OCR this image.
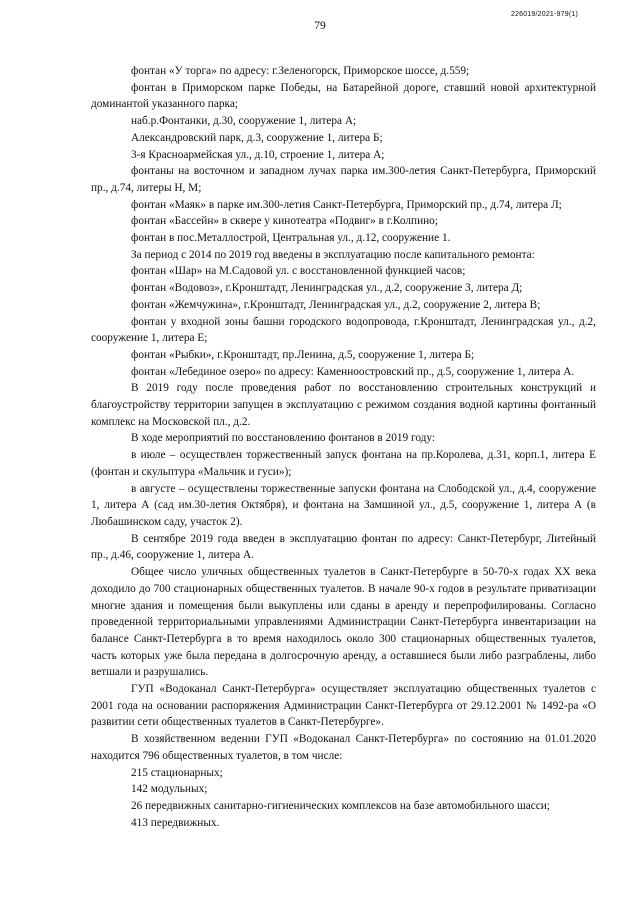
79
226019/2021-979(1)

фонтан «У торга» по адресу: г.Зеленогорск, Приморское шоссе, д.559;

фонтан в Приморском парке Победы, на Батарейной дороге, ставший новой архитектурной доминантой указанного парка;

наб.р.Фонтанки, д.30, сооружение 1, литера А;

Александровский парк, д.3, сооружение 1, литера Б;

3-я Красноармейская ул., д.10, строение 1, литера А;

фонтаны на восточном и западном лучах парка им.300-летия Санкт-Петербурга, Приморский пр., д.74, литеры Н, М;

фонтан «Маяк» в парке им.300-летия Санкт-Петербурга, Приморский пр., д.74, литера Л;

фонтан «Бассейн» в сквере у кинотеатра «Подвиг» в г.Колпино;

фонтан в пос.Металлострой, Центральная ул., д.12, сооружение 1.

За период с 2014 по 2019 год введены в эксплуатацию после капитального ремонта:

фонтан «Шар» на М.Садовой ул. с восстановленной функцией часов;

фонтан «Водовоз», г.Кронштадт, Ленинградская ул., д.2, сооружение 3, литера Д;

фонтан «Жемчужина», г.Кронштадт, Ленинградская ул., д.2, сооружение 2, литера В;

фонтан у входной зоны башни городского водопровода, г.Кронштадт, Ленинградская ул., д.2, сооружение 1, литера Е;

фонтан «Рыбки», г.Кронштадт, пр.Ленина, д.5, сооружение 1, литера Б;

фонтан «Лебединое озеро» по адресу: Каменноостровский пр., д.5, сооружение 1, литера А.

В 2019 году после проведения работ по восстановлению строительных конструкций и благоустройству территории запущен в эксплуатацию с режимом создания водной картины фонтанный комплекс на Московской пл., д.2.

В ходе мероприятий по восстановлению фонтанов в 2019 году:

в июле – осуществлен торжественный запуск фонтана на пр.Королева, д.31, корп.1, литера Е (фонтан и скульптура «Мальчик и гуси»);

в августе – осуществлены торжественные запуски фонтана на Слободской ул., д.4, сооружение 1, литера А (сад им.30-летия Октября), и фонтана на Замшиной ул., д.5, сооружение 1, литера А (в Любашинском саду, участок 2).

В сентябре 2019 года введен в эксплуатацию фонтан по адресу: Санкт-Петербург, Литейный пр., д.46, сооружение 1, литера А.

Общее число уличных общественных туалетов в Санкт-Петербурге в 50-70-х годах XX века доходило до 700 стационарных общественных туалетов. В начале 90-х годов в результате приватизации многие здания и помещения были выкуплены или сданы в аренду и перепрофилированы. Согласно проведенной территориальными управлениями Администрации Санкт-Петербурга инвентаризации на балансе Санкт-Петербурга в то время находилось около 300 стационарных общественных туалетов, часть которых уже была передана в долгосрочную аренду, а оставшиеся были либо разграблены, либо ветшали и разрушались.

ГУП «Водоканал Санкт-Петербурга» осуществляет эксплуатацию общественных туалетов с 2001 года на основании распоряжения Администрации Санкт-Петербурга от 29.12.2001 № 1492-ра «О развитии сети общественных туалетов в Санкт-Петербурге».

В хозяйственном ведении ГУП «Водоканал Санкт-Петербурга» по состоянию на 01.01.2020 находится 796 общественных туалетов, в том числе:

215 стационарных;

142 модульных;

26 передвижных санитарно-гигиенических комплексов на базе автомобильного шасси;

413 передвижных.
